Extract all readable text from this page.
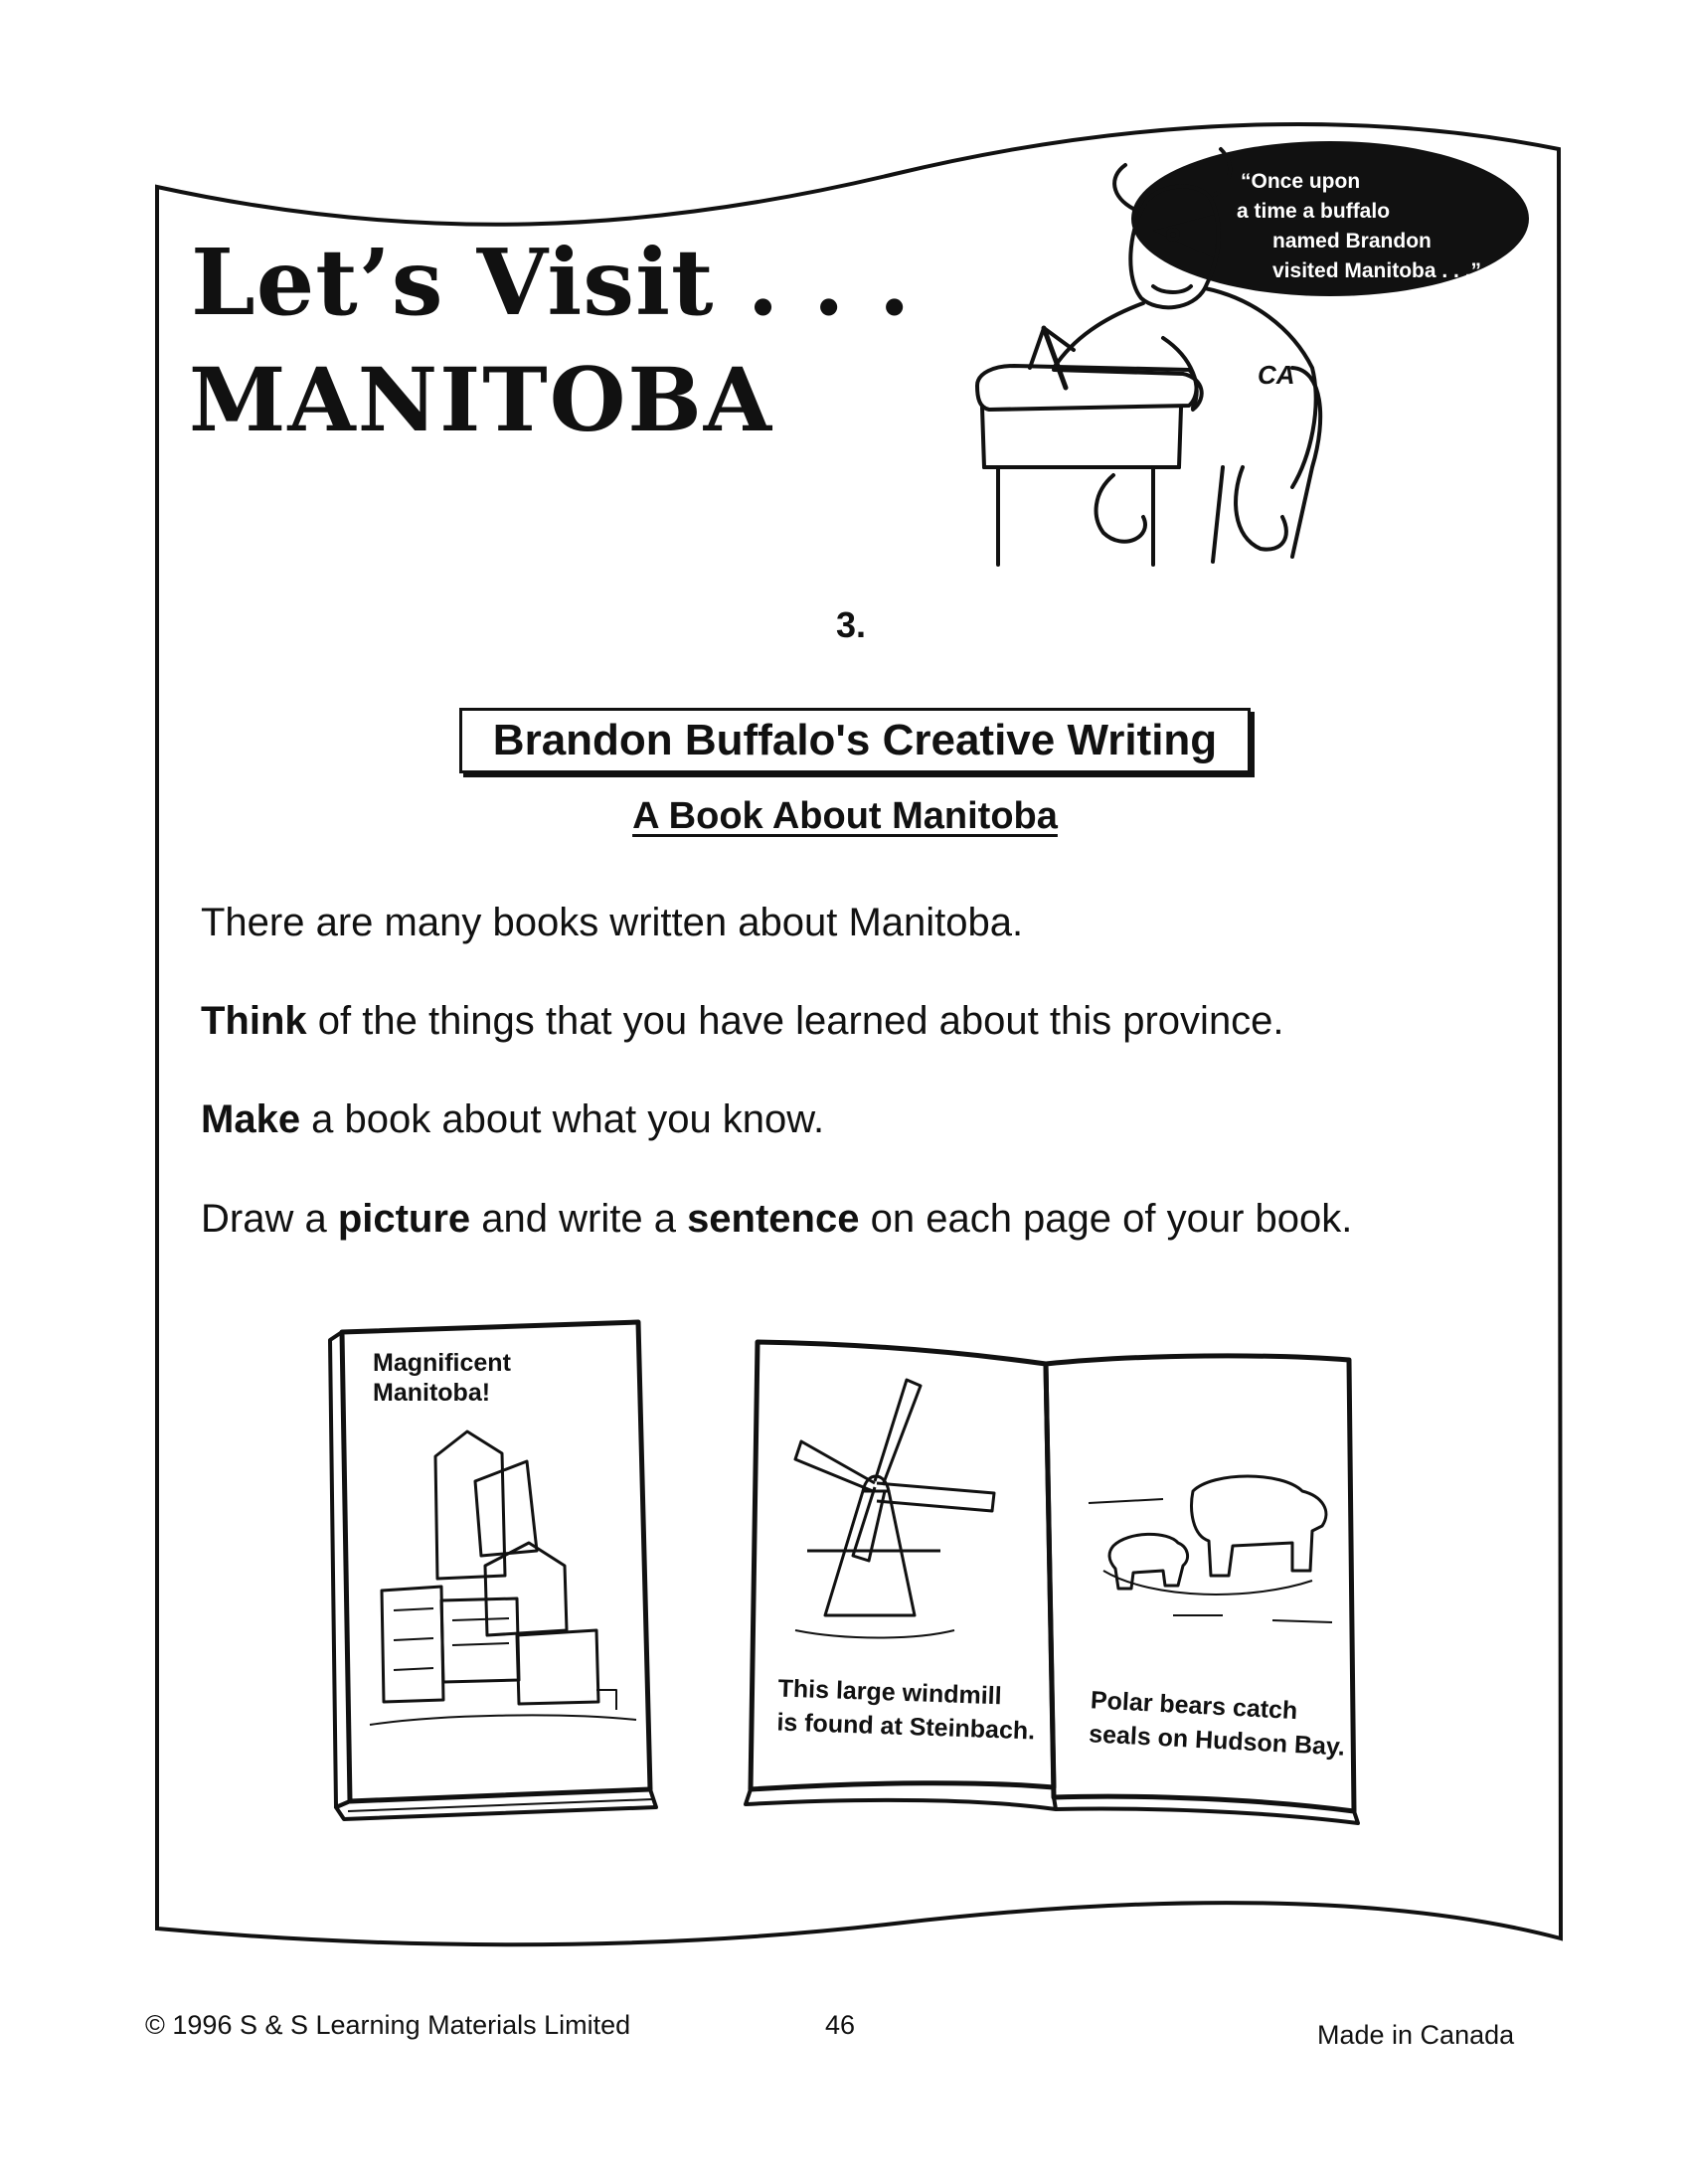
CA
Let’s Visit . . .
MANITOBA
“Once upon
a time a buffalo
named Brandon
visited Manitoba . . .”
3.
Brandon Buffalo's Creative Writing
A Book About Manitoba
There are many books written about Manitoba.
Think of the things that you have learned about this province.
Make a book about what you know.
Draw a picture and write a sentence on each page of your book.
Magnificent
Manitoba!
This large windmill
is found at Steinbach.
Polar bears catch
seals on Hudson Bay.
© 1996 S & S Learning Materials Limited	46	Made in Canada
